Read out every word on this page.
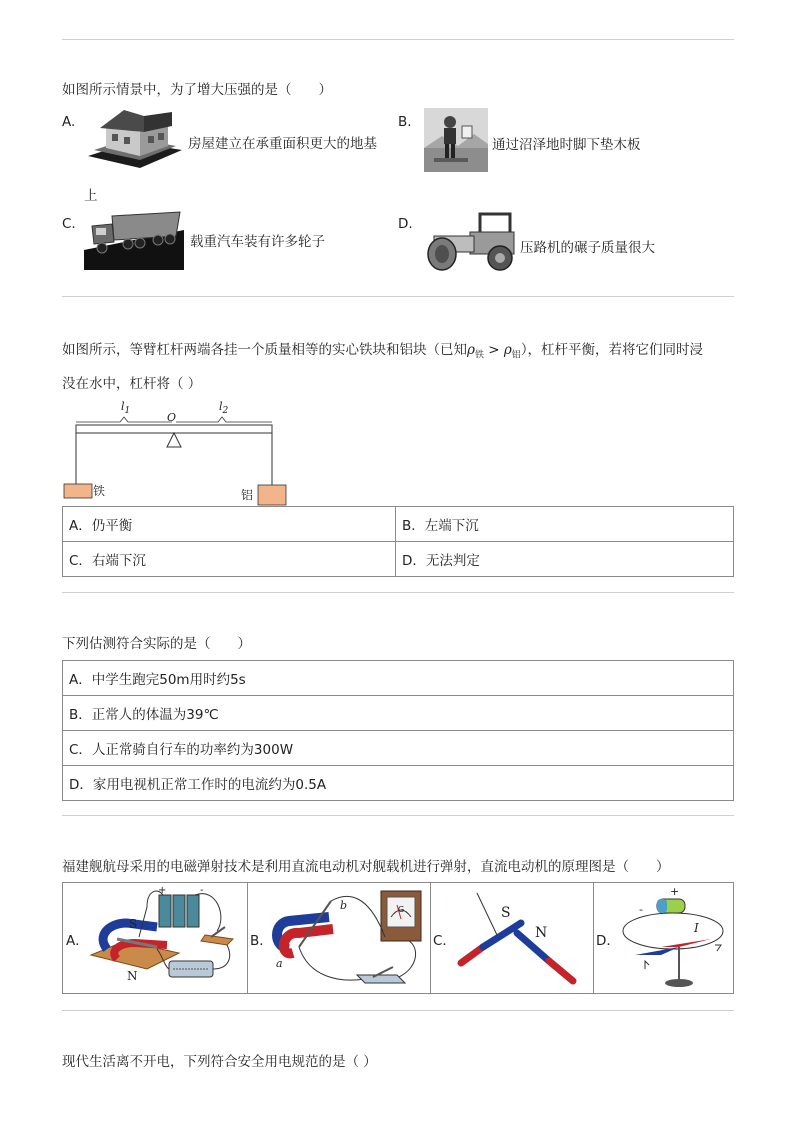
如图所示情景中，为了增大压强的是（　　）
A.
房屋建立在承重面积更大的地基
上
B.
通过沼泽地时脚下垫木板
C.
载重汽车装有许多轮子
D.
压路机的碾子质量很大
如图所示，等臂杠杆两端各挂一个质量相等的实心铁块和铝块（已知$\rho_铁 > \rho_铝$），杠杆平衡，若将它们同时浸
没在水中，杠杆将（ ）
$l_1$	$l_2$
O
铁	铝
A．仍平衡	B．左端下沉
C．右端下沉	D．无法判定
下列估测符合实际的是（　　）
A．中学生跑完50m用时约5s
B．正常人的体温为39℃
C．人正常骑自行车的功率约为300W
D．家用电视机正常工作时的电流约为0.5A
福建舰航母采用的电磁弹射技术是利用直流电动机对舰载机进行弹射，直流电动机的原理图是（　　）
A．
S
N
+	-
B．
b
a
G
C．
S
N	D．
+
-
I
现代生活离不开电，下列符合安全用电规范的是（ ）
